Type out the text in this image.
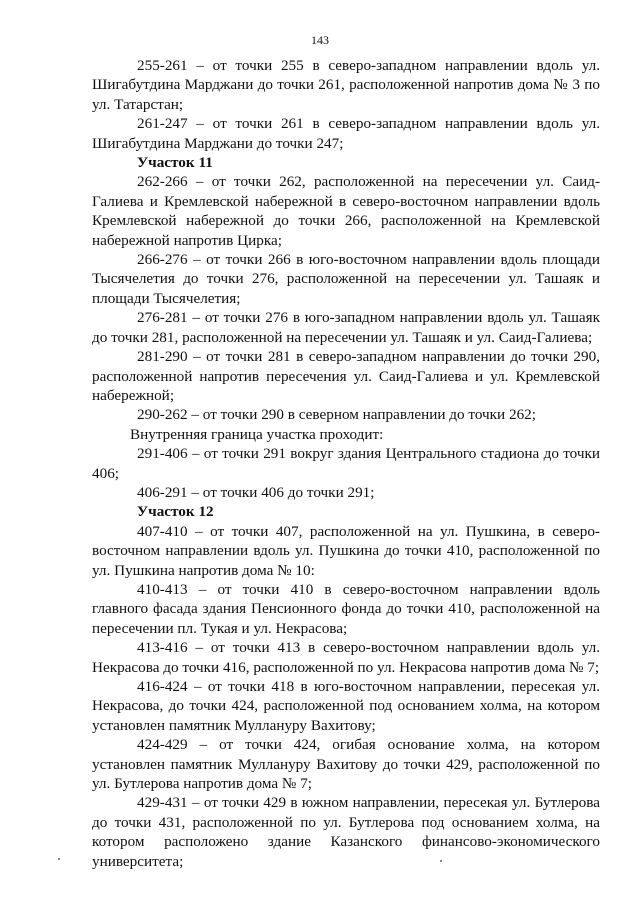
143

255-261 – от точки 255 в северо-западном направлении вдоль ул. Шигабутдина Марджани до точки 261, расположенной напротив дома № 3 по ул. Татарстан;

261-247 – от точки 261 в северо-западном направлении вдоль ул. Шигабутдина Марджани до точки 247;

Участок 11

262-266 – от точки 262, расположенной на пересечении ул. Саид-Галиева и Кремлевской набережной в северо-восточном направлении вдоль Кремлевской набережной до точки 266, расположенной на Кремлевской набережной напротив Цирка;

266-276 – от точки 266 в юго-восточном направлении вдоль площади Тысячелетия до точки 276, расположенной на пересечении ул. Ташаяк и площади Тысячелетия;

276-281 – от точки 276 в юго-западном направлении вдоль ул. Ташаяк до точки 281, расположенной на пересечении ул. Ташаяк и ул. Саид-Галиева;

281-290 – от точки 281 в северо-западном направлении до точки 290, расположенной напротив пересечения ул. Саид-Галиева и ул. Кремлевской набережной;

290-262 – от точки 290 в северном направлении до точки 262;

Внутренняя граница участка проходит:

291-406 – от точки 291 вокруг здания Центрального стадиона до точки 406;

406-291 – от точки 406 до точки 291;

Участок 12

407-410 – от точки 407, расположенной на ул. Пушкина, в северо-восточном направлении вдоль ул. Пушкина до точки 410, расположенной по ул. Пушкина напротив дома № 10:

410-413 – от точки 410 в северо-восточном направлении вдоль главного фасада здания Пенсионного фонда до точки 410, расположенной на пересечении пл. Тукая и ул. Некрасова;

413-416 – от точки 413 в северо-восточном направлении вдоль ул. Некрасова до точки 416, расположенной по ул. Некрасова напротив дома № 7;

416-424 – от точки 418 в юго-восточном направлении, пересекая ул. Некрасова, до точки 424, расположенной под основанием холма, на котором установлен памятник Муллануру Вахитову;

424-429 – от точки 424, огибая основание холма, на котором установлен памятник Муллануру Вахитову до точки 429, расположенной по ул. Бутлерова напротив дома № 7;

429-431 – от точки 429 в южном направлении, пересекая ул. Бутлерова до точки 431, расположенной по ул. Бутлерова под основанием холма, на котором расположено здание Казанского финансово-экономического университета;
